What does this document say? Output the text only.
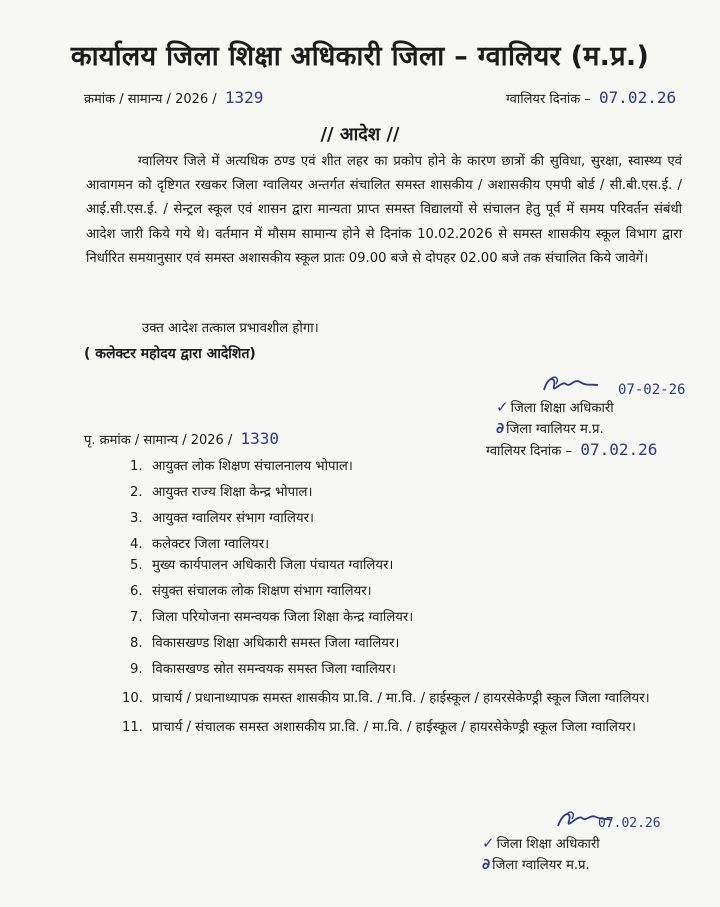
कार्यालय जिला शिक्षा अधिकारी जिला – ग्वालियर (म.प्र.)
क्रमांक / सामान्य / 2026 / 1329	ग्वालियर दिनांक – 07.02.26
// आदेश //
ग्वालियर जिले में अत्यधिक ठण्ड एवं शीत लहर का प्रकोप होने के कारण छात्रों की सुविधा, सुरक्षा, स्वास्थ्य एवं आवागमन को दृष्टिगत रखकर जिला ग्वालियर अन्तर्गत संचालित समस्त शासकीय / अशासकीय एमपी बोर्ड / सी.बी.एस.ई. / आई.सी.एस.ई. / सेन्ट्रल स्कूल एवं शासन द्वारा मान्यता प्राप्त समस्त विद्यालयों से संचालन हेतु पूर्व में समय परिवर्तन संबंधी आदेश जारी किये गये थे। वर्तमान में मौसम सामान्य होने से दिनांक 10.02.2026 से समस्त शासकीय स्कूल विभाग द्वारा निर्धारित समयानुसार एवं समस्त अशासकीय स्कूल प्रातः 09.00 बजे से दोपहर 02.00 बजे तक संचालित किये जावेगें।
उक्त आदेश तत्काल प्रभावशील होगा।
( कलेक्टर महोदय द्वारा आदेशित)
07-02-26
✓ जिला शिक्षा अधिकारी
∂ जिला ग्वालियर म.प्र.
ग्वालियर दिनांक – 07.02.26
पृ. क्रमांक / सामान्य / 2026 / 1330
1. आयुक्त लोक शिक्षण संचालनालय भोपाल।
2. आयुक्त राज्य शिक्षा केन्द्र भोपाल।
3. आयुक्त ग्वालियर संभाग ग्वालियर।
4. कलेक्टर जिला ग्वालियर।
5. मुख्य कार्यपालन अधिकारी जिला पंचायत ग्वालियर।
6. संयुक्त संचालक लोक शिक्षण संभाग ग्वालियर।
7. जिला परियोजना समन्वयक जिला शिक्षा केन्द्र ग्वालियर।
8. विकासखण्ड शिक्षा अधिकारी समस्त जिला ग्वालियर।
9. विकासखण्ड स्रोत समन्वयक समस्त जिला ग्वालियर।
10. प्राचार्य / प्रधानाध्यापक समस्त शासकीय प्रा.वि. / मा.वि. / हाईस्कूल / हायरसेकेण्ड्री स्कूल जिला ग्वालियर।
11. प्राचार्य / संचालक समस्त अशासकीय प्रा.वि. / मा.वि. / हाईस्कूल / हायरसेकेण्ड्री स्कूल जिला ग्वालियर।
07.02.26
✓ जिला शिक्षा अधिकारी
∂ जिला ग्वालियर म.प्र.
